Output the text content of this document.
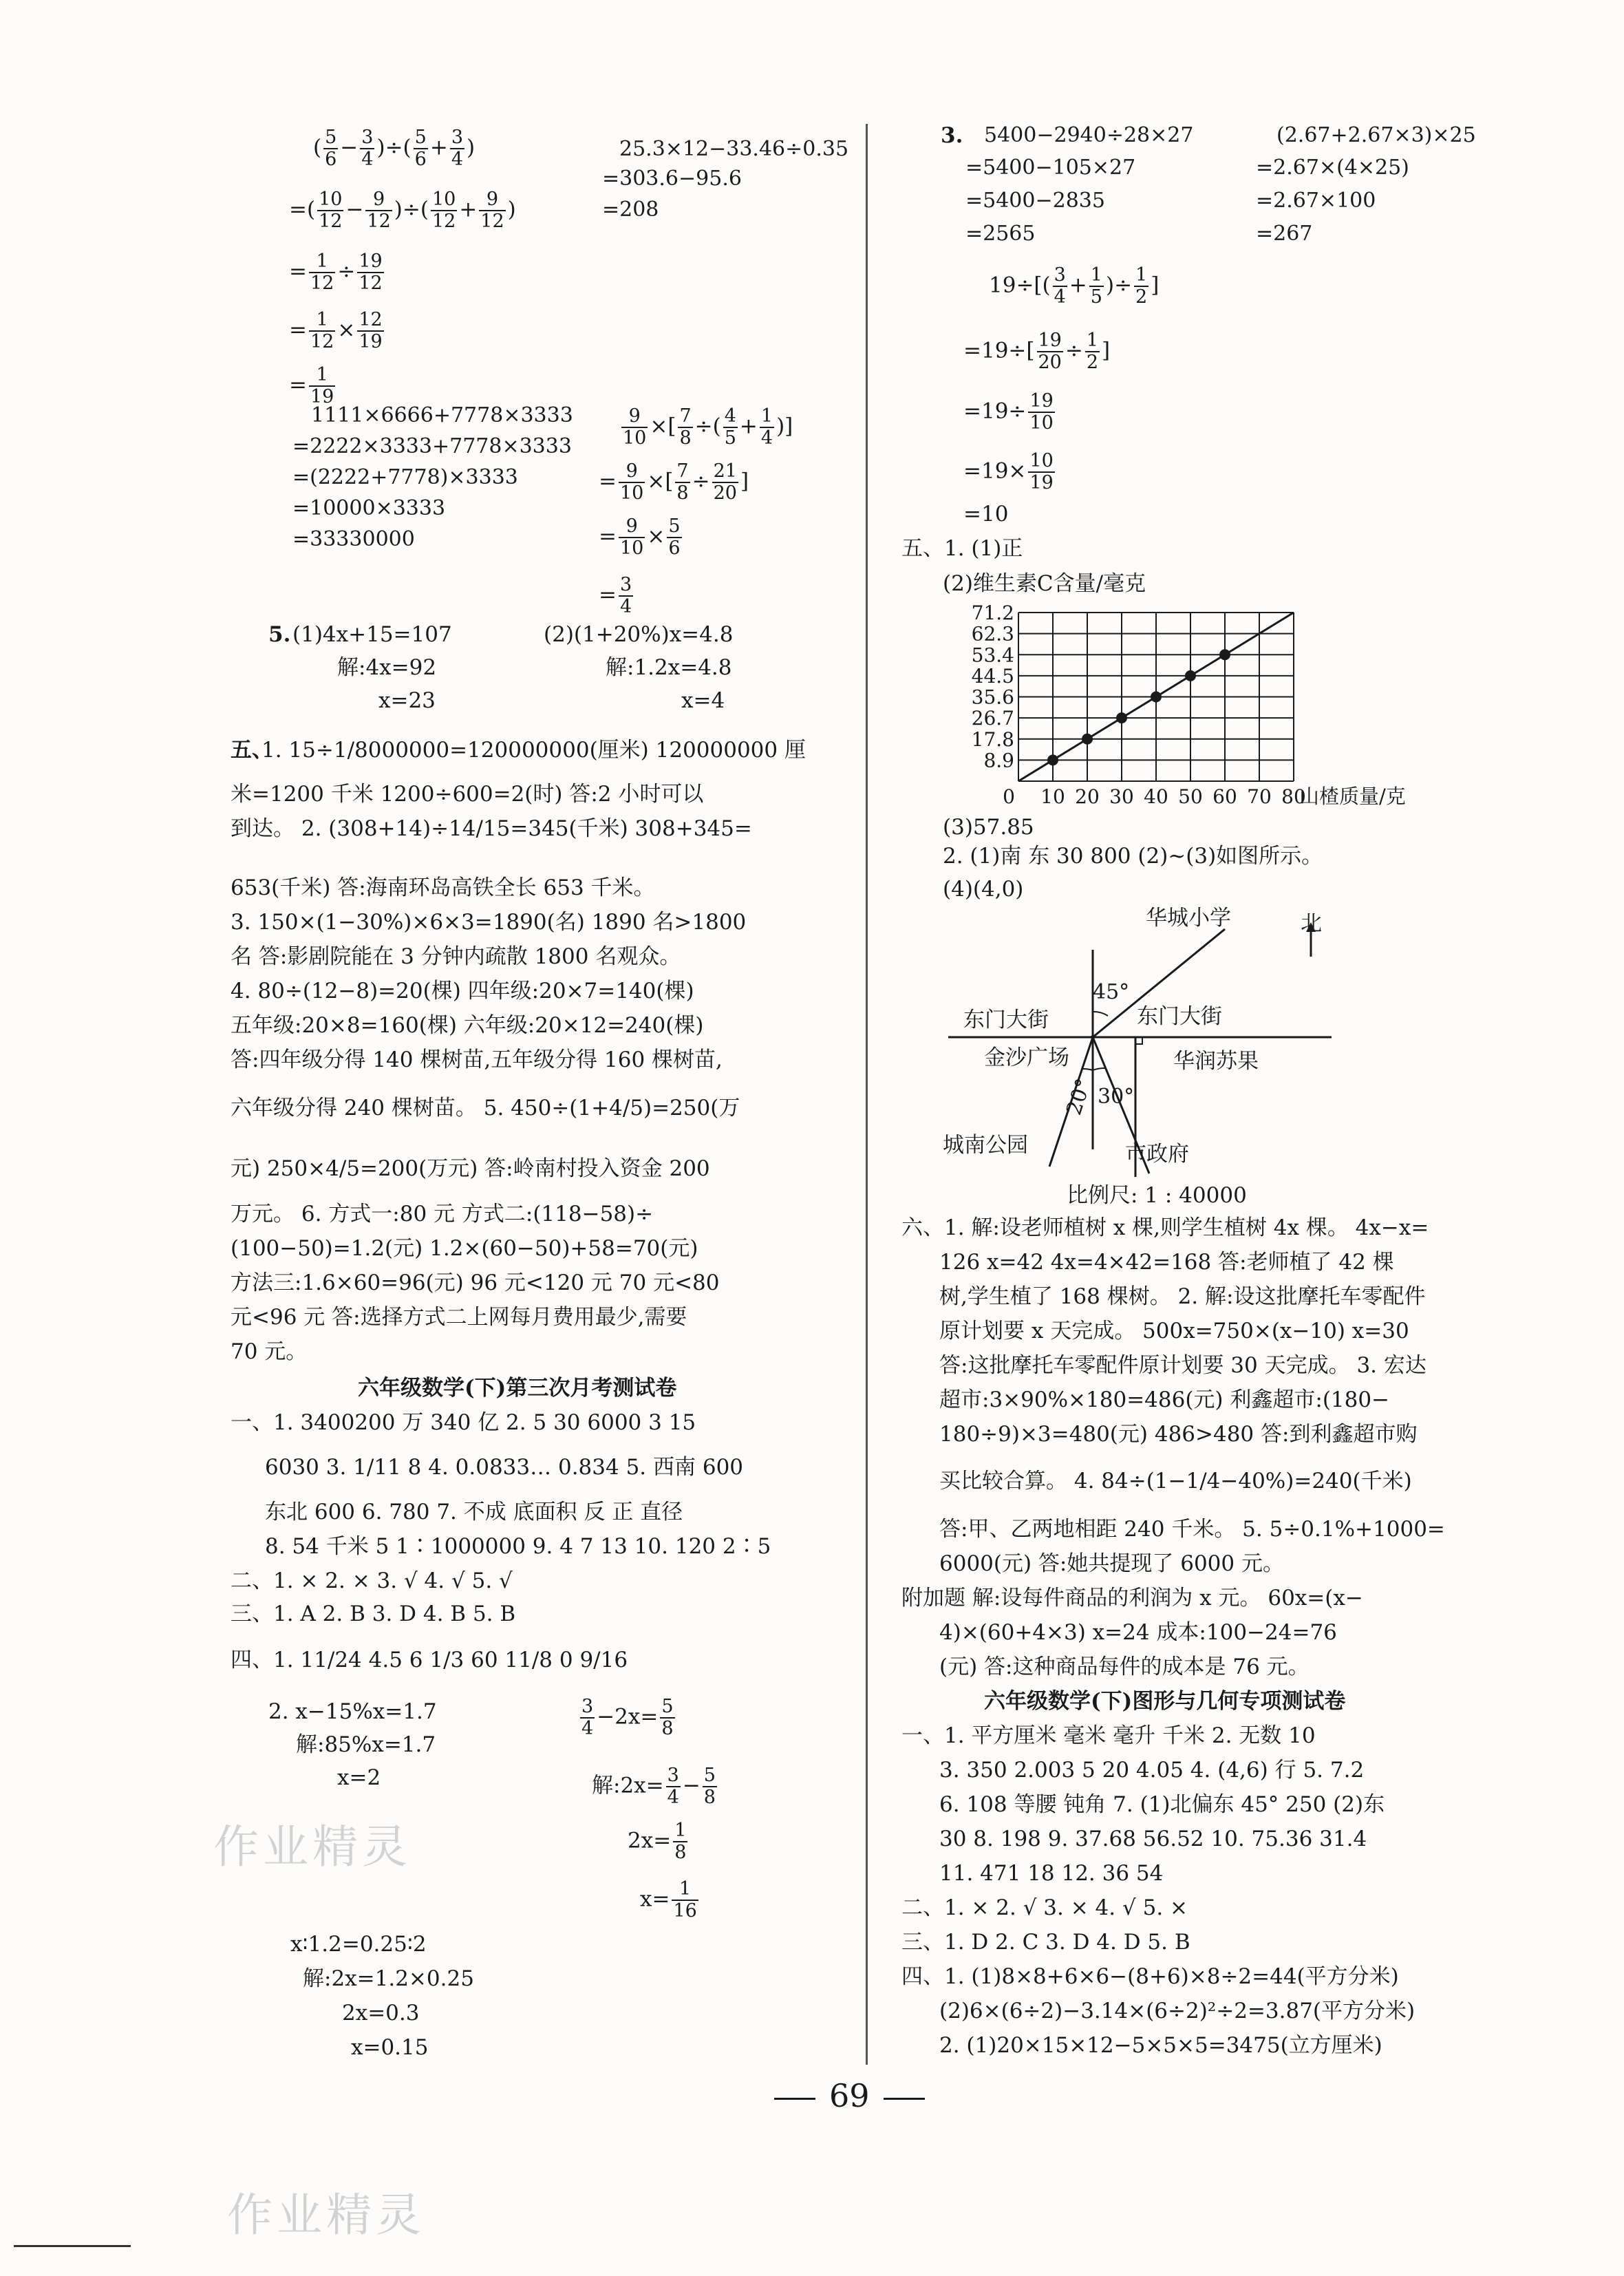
( $\frac{5}{6} - \frac{3}{4}$ )÷( $\frac{5}{6} + \frac{3}{4}$ )
=( $\frac{10}{12} - \frac{9}{12}$ )÷( $\frac{10}{12} + \frac{9}{12}$ )
= $\frac{1}{12} \div \frac{19}{12}$
= $\frac{1}{12} \times \frac{12}{19}$
= $\frac{1}{19}$
25.3×12−33.46÷0.35
=303.6−95.6
=208
1111×6666+7778×3333
=2222×3333+7778×3333
=(2222+7778)×3333
=10000×3333
=33330000
$\frac{9}{10}$ ×[ $\frac{7}{8}$ ÷( $\frac{4}{5} + \frac{1}{4}$ )]
= $\frac{9}{10}$ ×[ $\frac{7}{8} \div \frac{21}{20}$ ]
= $\frac{9}{10} \times \frac{5}{6}$
= $\frac{3}{4}$
5. (1)4x+15=107
解:4x=92
x=23
(2)(1+20%)x=4.8
解:1.2x=4.8
x=4
五、
1. 15÷1/8000000=120000000(厘米) 120000000 厘
米=1200 千米 1200÷600=2(时) 答:2 小时可以
到达。 2. (308+14)÷14/15=345(千米) 308+345=
653(千米) 答:海南环岛高铁全长 653 千米。
3. 150×(1−30%)×6×3=1890(名) 1890 名>1800
名 答:影剧院能在 3 分钟内疏散 1800 名观众。
4. 80÷(12−8)=20(棵) 四年级:20×7=140(棵)
五年级:20×8=160(棵) 六年级:20×12=240(棵)
答:四年级分得 140 棵树苗,五年级分得 160 棵树苗,
六年级分得 240 棵树苗。 5. 450÷(1+4/5)=250(万
元) 250×4/5=200(万元) 答:岭南村投入资金 200
万元。 6. 方式一:80 元 方式二:(118−58)÷
(100−50)=1.2(元) 1.2×(60−50)+58=70(元)
方法三:1.6×60=96(元) 96 元<120 元 70 元<80
元<96 元 答:选择方式二上网每月费用最少,需要
70 元。
六年级数学(下)第三次月考测试卷
一、1. 3400200 万 340 亿 2. 5 30 6000 3 15
6030 3. 1/11 8 4. 0.0833… 0.834 5. 西南 600
东北 600 6. 780 7. 不成 底面积 反 正 直径
8. 54 千米 5 1∶1000000 9. 4 7 13 10. 120 2∶5
二、1. × 2. × 3. √ 4. √ 5. √
三、1. A 2. B 3. D 4. B 5. B
四、1. 11/24 4.5 6 1/3 60 11/8 0 9/16
2. x−15%x=1.7
解:85%x=1.7
x=2
$\frac{3}{4} -2x= \frac{5}{8}$
解:2x= $\frac{3}{4} - \frac{5}{8}$
$2x= \frac{1}{8}$
$x= \frac{1}{16}$
x∶1.2=0.25∶2
解:2x=1.2×0.25
2x=0.3
x=0.15
作业精灵
3. 5400−2940÷28×27
=5400−105×27
=5400−2835
=2565
(2.67+2.67×3)×25
=2.67×(4×25)
=2.67×100
=267
$19\div[( \frac{3}{4} + \frac{1}{5}$ )÷ $\frac{1}{2}$ ]
$=19\div[ \frac{19}{20} \div \frac{1}{2}$ ]
$=19\div \frac{19}{10}$
$=19\times \frac{10}{19}$
=10
五、1. (1)正
(2)维生素C含量/毫克
8.9
17.8
26.7
35.6
44.5
53.4
62.3
71.2
0 10 20 30 40 50 60 70 80
山楂质量/克
(3)57.85
2. (1)南 东 30 800 (2)~(3)如图所示。
(4)(4,0)
华城小学	北
45°
东门大街	东门大街
金沙广场	华润苏果
20° 30°
城南公园	市政府
比例尺: 1 : 40000
六、1. 解:设老师植树 x 棵,则学生植树 4x 棵。 4x−x=
126 x=42 4x=4×42=168 答:老师植了 42 棵
树,学生植了 168 棵树。 2. 解:设这批摩托车零配件
原计划要 x 天完成。 500x=750×(x−10) x=30
答:这批摩托车零配件原计划要 30 天完成。 3. 宏达
超市:3×90%×180=486(元) 利鑫超市:(180−
180÷9)×3=480(元) 486>480 答:到利鑫超市购
买比较合算。 4. 84÷(1−1/4−40%)=240(千米)
答:甲、乙两地相距 240 千米。 5. 5÷0.1%+1000=
6000(元) 答:她共提现了 6000 元。
附加题 解:设每件商品的利润为 x 元。 60x=(x−
4)×(60+4×3) x=24 成本:100−24=76
(元) 答:这种商品每件的成本是 76 元。
六年级数学(下)图形与几何专项测试卷
一、1. 平方厘米 毫米 毫升 千米 2. 无数 10
3. 350 2.003 5 20 4.05 4. (4,6) 行 5. 7.2
6. 108 等腰 钝角 7. (1)北偏东 45° 250 (2)东
30 8. 198 9. 37.68 56.52 10. 75.36 31.4
11. 471 18 12. 36 54
二、1. × 2. √ 3. × 4. √ 5. ×
三、1. D 2. C 3. D 4. D 5. B
四、1. (1)8×8+6×6−(8+6)×8÷2=44(平方分米)
(2)6×(6÷2)−3.14×(6÷2)²÷2=3.87(平方分米)
2. (1)20×15×12−5×5×5=3475(立方厘米)
69
作业精灵
